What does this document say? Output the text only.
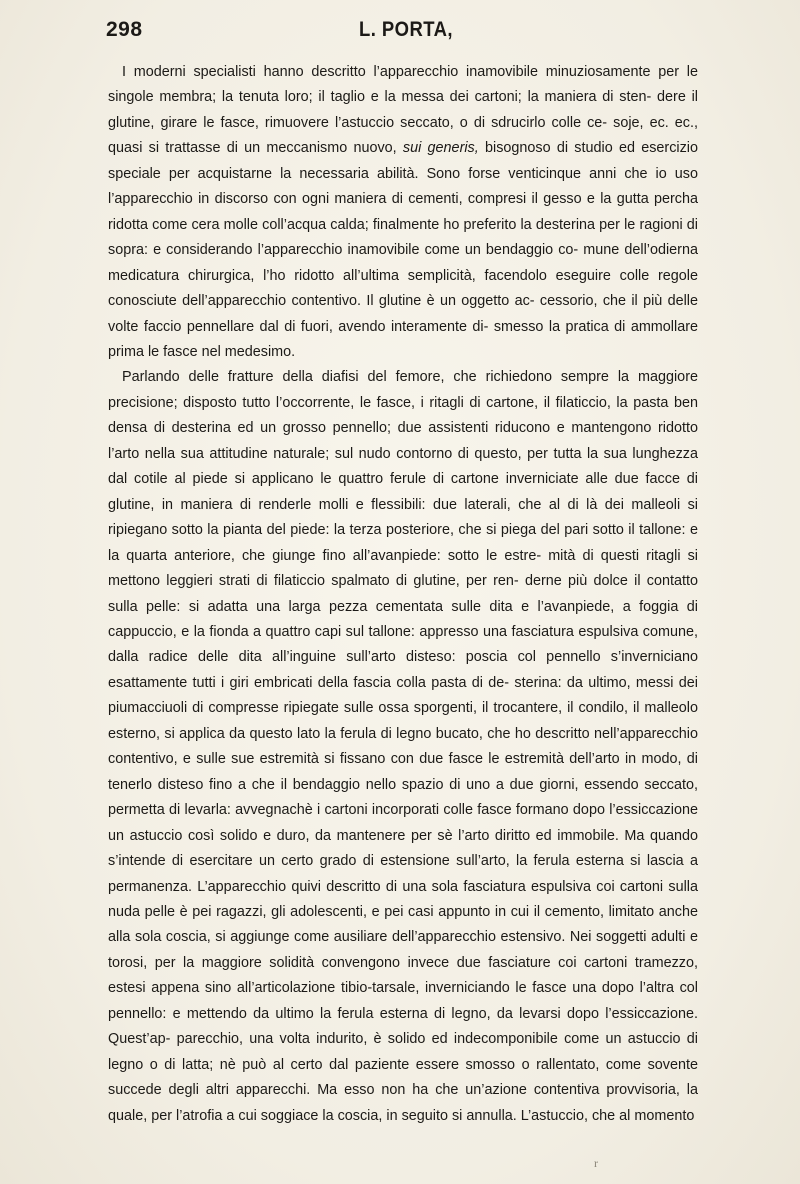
298	L. PORTA,

I moderni specialisti hanno descritto l’apparecchio inamovibile minuziosamente per le singole membra; la tenuta loro; il taglio e la messa dei cartoni; la maniera di sten- dere il glutine, girare le fasce, rimuovere l’astuccio seccato, o di sdrucirlo colle ce- soje, ec. ec., quasi si trattasse di un meccanismo nuovo, sui generis, bisognoso di studio ed esercizio speciale per acquistarne la necessaria abilità. Sono forse venticinque anni che io uso l’apparecchio in discorso con ogni maniera di cementi, compresi il gesso e la gutta percha ridotta come cera molle coll’acqua calda; finalmente ho preferito la desterina per le ragioni di sopra: e considerando l’apparecchio inamovibile come un bendaggio co- mune dell’odierna medicatura chirurgica, l’ho ridotto all’ultima semplicità, facendolo eseguire colle regole conosciute dell’apparecchio contentivo. Il glutine è un oggetto ac- cessorio, che il più delle volte faccio pennellare dal di fuori, avendo interamente di- smesso la pratica di ammollare prima le fasce nel medesimo.

Parlando delle fratture della diafisi del femore, che richiedono sempre la maggiore precisione; disposto tutto l’occorrente, le fasce, i ritagli di cartone, il filaticcio, la pasta ben densa di desterina ed un grosso pennello; due assistenti riducono e mantengono ridotto l’arto nella sua attitudine naturale; sul nudo contorno di questo, per tutta la sua lunghezza dal cotile al piede si applicano le quattro ferule di cartone inverniciate alle due facce di glutine, in maniera di renderle molli e flessibili: due laterali, che al di là dei malleoli si ripiegano sotto la pianta del piede: la terza posteriore, che si piega del pari sotto il tallone: e la quarta anteriore, che giunge fino all’avanpiede: sotto le estre- mità di questi ritagli si mettono leggieri strati di filaticcio spalmato di glutine, per ren- derne più dolce il contatto sulla pelle: si adatta una larga pezza cementata sulle dita e l’avanpiede, a foggia di cappuccio, e la fionda a quattro capi sul tallone: appresso una fasciatura espulsiva comune, dalla radice delle dita all’inguine sull’arto disteso: poscia col pennello s’inverniciano esattamente tutti i giri embricati della fascia colla pasta di de- sterina: da ultimo, messi dei piumacciuoli di compresse ripiegate sulle ossa sporgenti, il trocantere, il condilo, il malleolo esterno, si applica da questo lato la ferula di legno bucato, che ho descritto nell’apparecchio contentivo, e sulle sue estremità si fissano con due fasce le estremità dell’arto in modo, di tenerlo disteso fino a che il bendaggio nello spazio di uno a due giorni, essendo seccato, permetta di levarla: avvegnachè i cartoni incorporati colle fasce formano dopo l’essiccazione un astuccio così solido e duro, da mantenere per sè l’arto diritto ed immobile. Ma quando s’intende di esercitare un certo grado di estensione sull’arto, la ferula esterna si lascia a permanenza. L’apparecchio quivi descritto di una sola fasciatura espulsiva coi cartoni sulla nuda pelle è pei ragazzi, gli adolescenti, e pei casi appunto in cui il cemento, limitato anche alla sola coscia, si aggiunge come ausiliare dell’apparecchio estensivo. Nei soggetti adulti e torosi, per la maggiore solidità convengono invece due fasciature coi cartoni tramezzo, estesi appena sino all’articolazione tibio-tarsale, inverniciando le fasce una dopo l’altra col pennello: e mettendo da ultimo la ferula esterna di legno, da levarsi dopo l’essiccazione. Quest’ap- parecchio, una volta indurito, è solido ed indecomponibile come un astuccio di legno o di latta; nè può al certo dal paziente essere smosso o rallentato, come sovente succede degli altri apparecchi. Ma esso non ha che un’azione contentiva provvisoria, la quale, per l’atrofia a cui soggiace la coscia, in seguito si annulla. L’astuccio, che al momento

r
